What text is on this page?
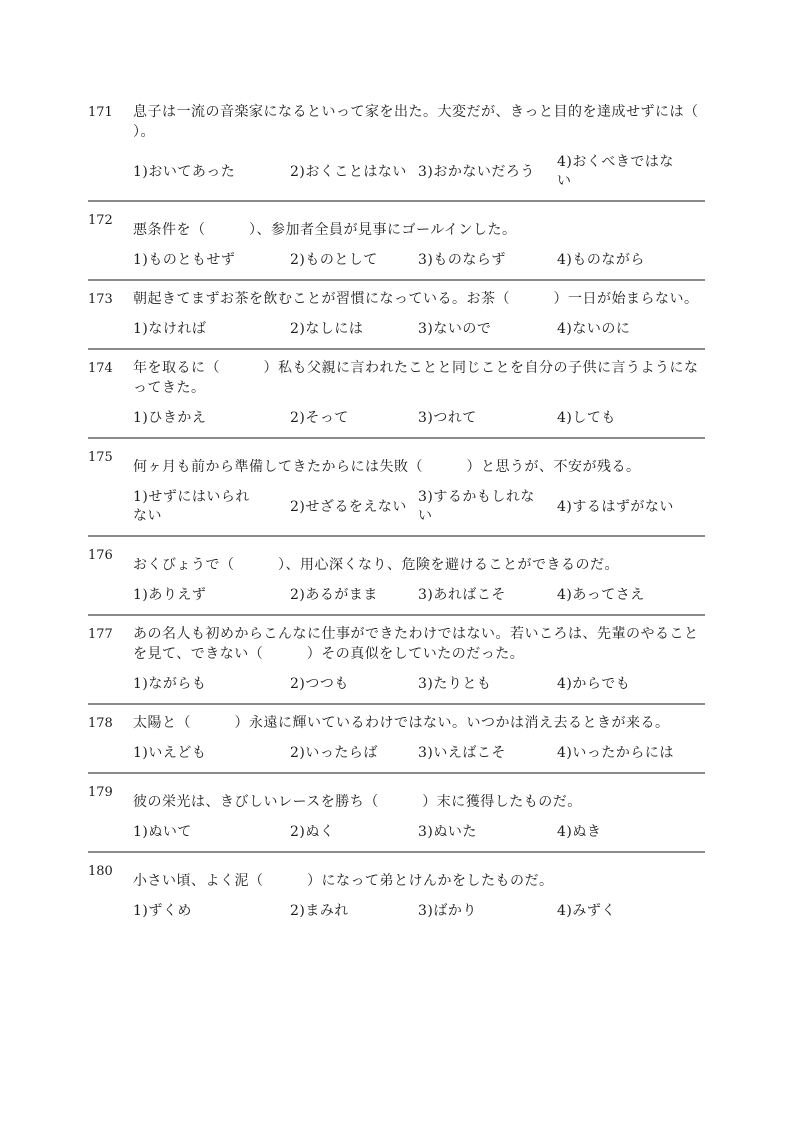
171	息子は一流の音楽家になるといって家を出た。大変だが、きっと目的を達成せずには（　　　）。
1)おいてあった	2)おくことはない 3)おかないだろう
4)おくべきではない
172
悪条件を（　　　）、参加者全員が見事にゴールインした。
1)ものともせず	2)ものとして	3)ものならず	4)ものながら
173	朝起きてまずお茶を飲むことが習慣になっている。お茶（　　　）一日が始まらない。
1)なければ	2)なしには	3)ないので	4)ないのに
174	年を取るに（　　　）私も父親に言われたことと同じことを自分の子供に言うようになってきた。
1)ひきかえ	2)そって	3)つれて	4)しても
175
何ヶ月も前から準備してきたからには失敗（　　　）と思うが、不安が残る。
1)せずにはいられない
2)せざるをえない
3)するかもしれない
4)するはずがない
176
おくびょうで（　　　）、用心深くなり、危険を避けることができるのだ。
1)ありえず	2)あるがまま	3)あればこそ	4)あってさえ
177	あの名人も初めからこんなに仕事ができたわけではない。若いころは、先輩のやることを見て、できない（　　　）その真似をしていたのだった。
1)ながらも	2)つつも	3)たりとも	4)からでも
178	太陽と（　　　）永遠に輝いているわけではない。いつかは消え去るときが来る。
1)いえども	2)いったらば	3)いえばこそ	4)いったからには
179
彼の栄光は、きびしいレースを勝ち（　　　）末に獲得したものだ。
1)ぬいて	2)ぬく	3)ぬいた	4)ぬき
180
小さい頃、よく泥（　　　）になって弟とけんかをしたものだ。
1)ずくめ	2)まみれ	3)ばかり	4)みずく
